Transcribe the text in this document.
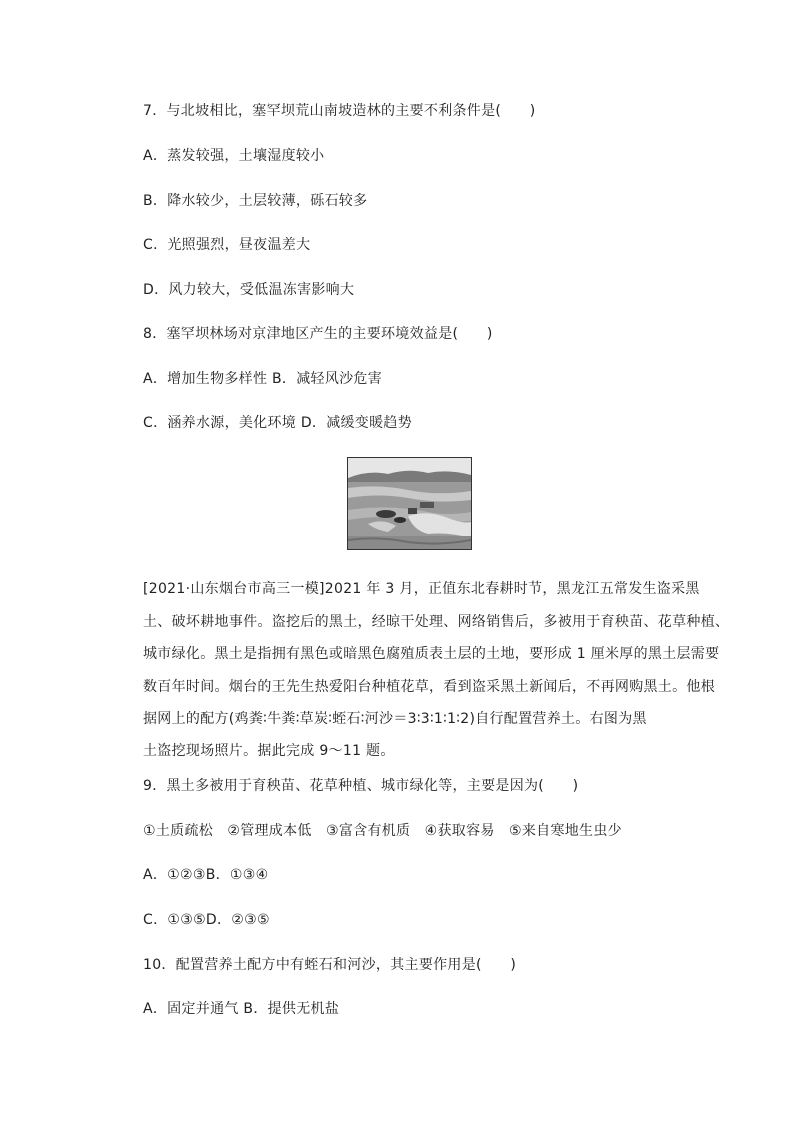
7．与北坡相比，塞罕坝荒山南坡造林的主要不利条件是(　　)
A．蒸发较强，土壤湿度较小
B．降水较少，土层较薄，砾石较多
C．光照强烈，昼夜温差大
D．风力较大，受低温冻害影响大
8．塞罕坝林场对京津地区产生的主要环境效益是(　　)
A．增加生物多样性 B．减轻风沙危害
C．涵养水源，美化环境 D．减缓变暖趋势
[2021·山东烟台市高三一模]2021 年 3 月，正值东北春耕时节，黑龙江五常发生盗采黑
土、破坏耕地事件。盗挖后的黑土，经晾干处理、网络销售后，多被用于育秧苗、花草种植、
城市绿化。黑土是指拥有黑色或暗黑色腐殖质表土层的土地，要形成 1 厘米厚的黑土层需要
数百年时间。烟台的王先生热爱阳台种植花草，看到盗采黑土新闻后，不再网购黑土。他根
据网上的配方(鸡粪∶牛粪∶草炭∶蛭石∶河沙＝3∶3∶1∶1∶2)自行配置营养土。右图为黑
土盗挖现场照片。据此完成 9～11 题。
9．黑土多被用于育秧苗、花草种植、城市绿化等，主要是因为(　　)
①土质疏松　②管理成本低　③富含有机质　④获取容易　⑤来自寒地生虫少
A．①②③B．①③④
C．①③⑤D．②③⑤
10．配置营养土配方中有蛭石和河沙，其主要作用是(　　)
A．固定并通气 B．提供无机盐
